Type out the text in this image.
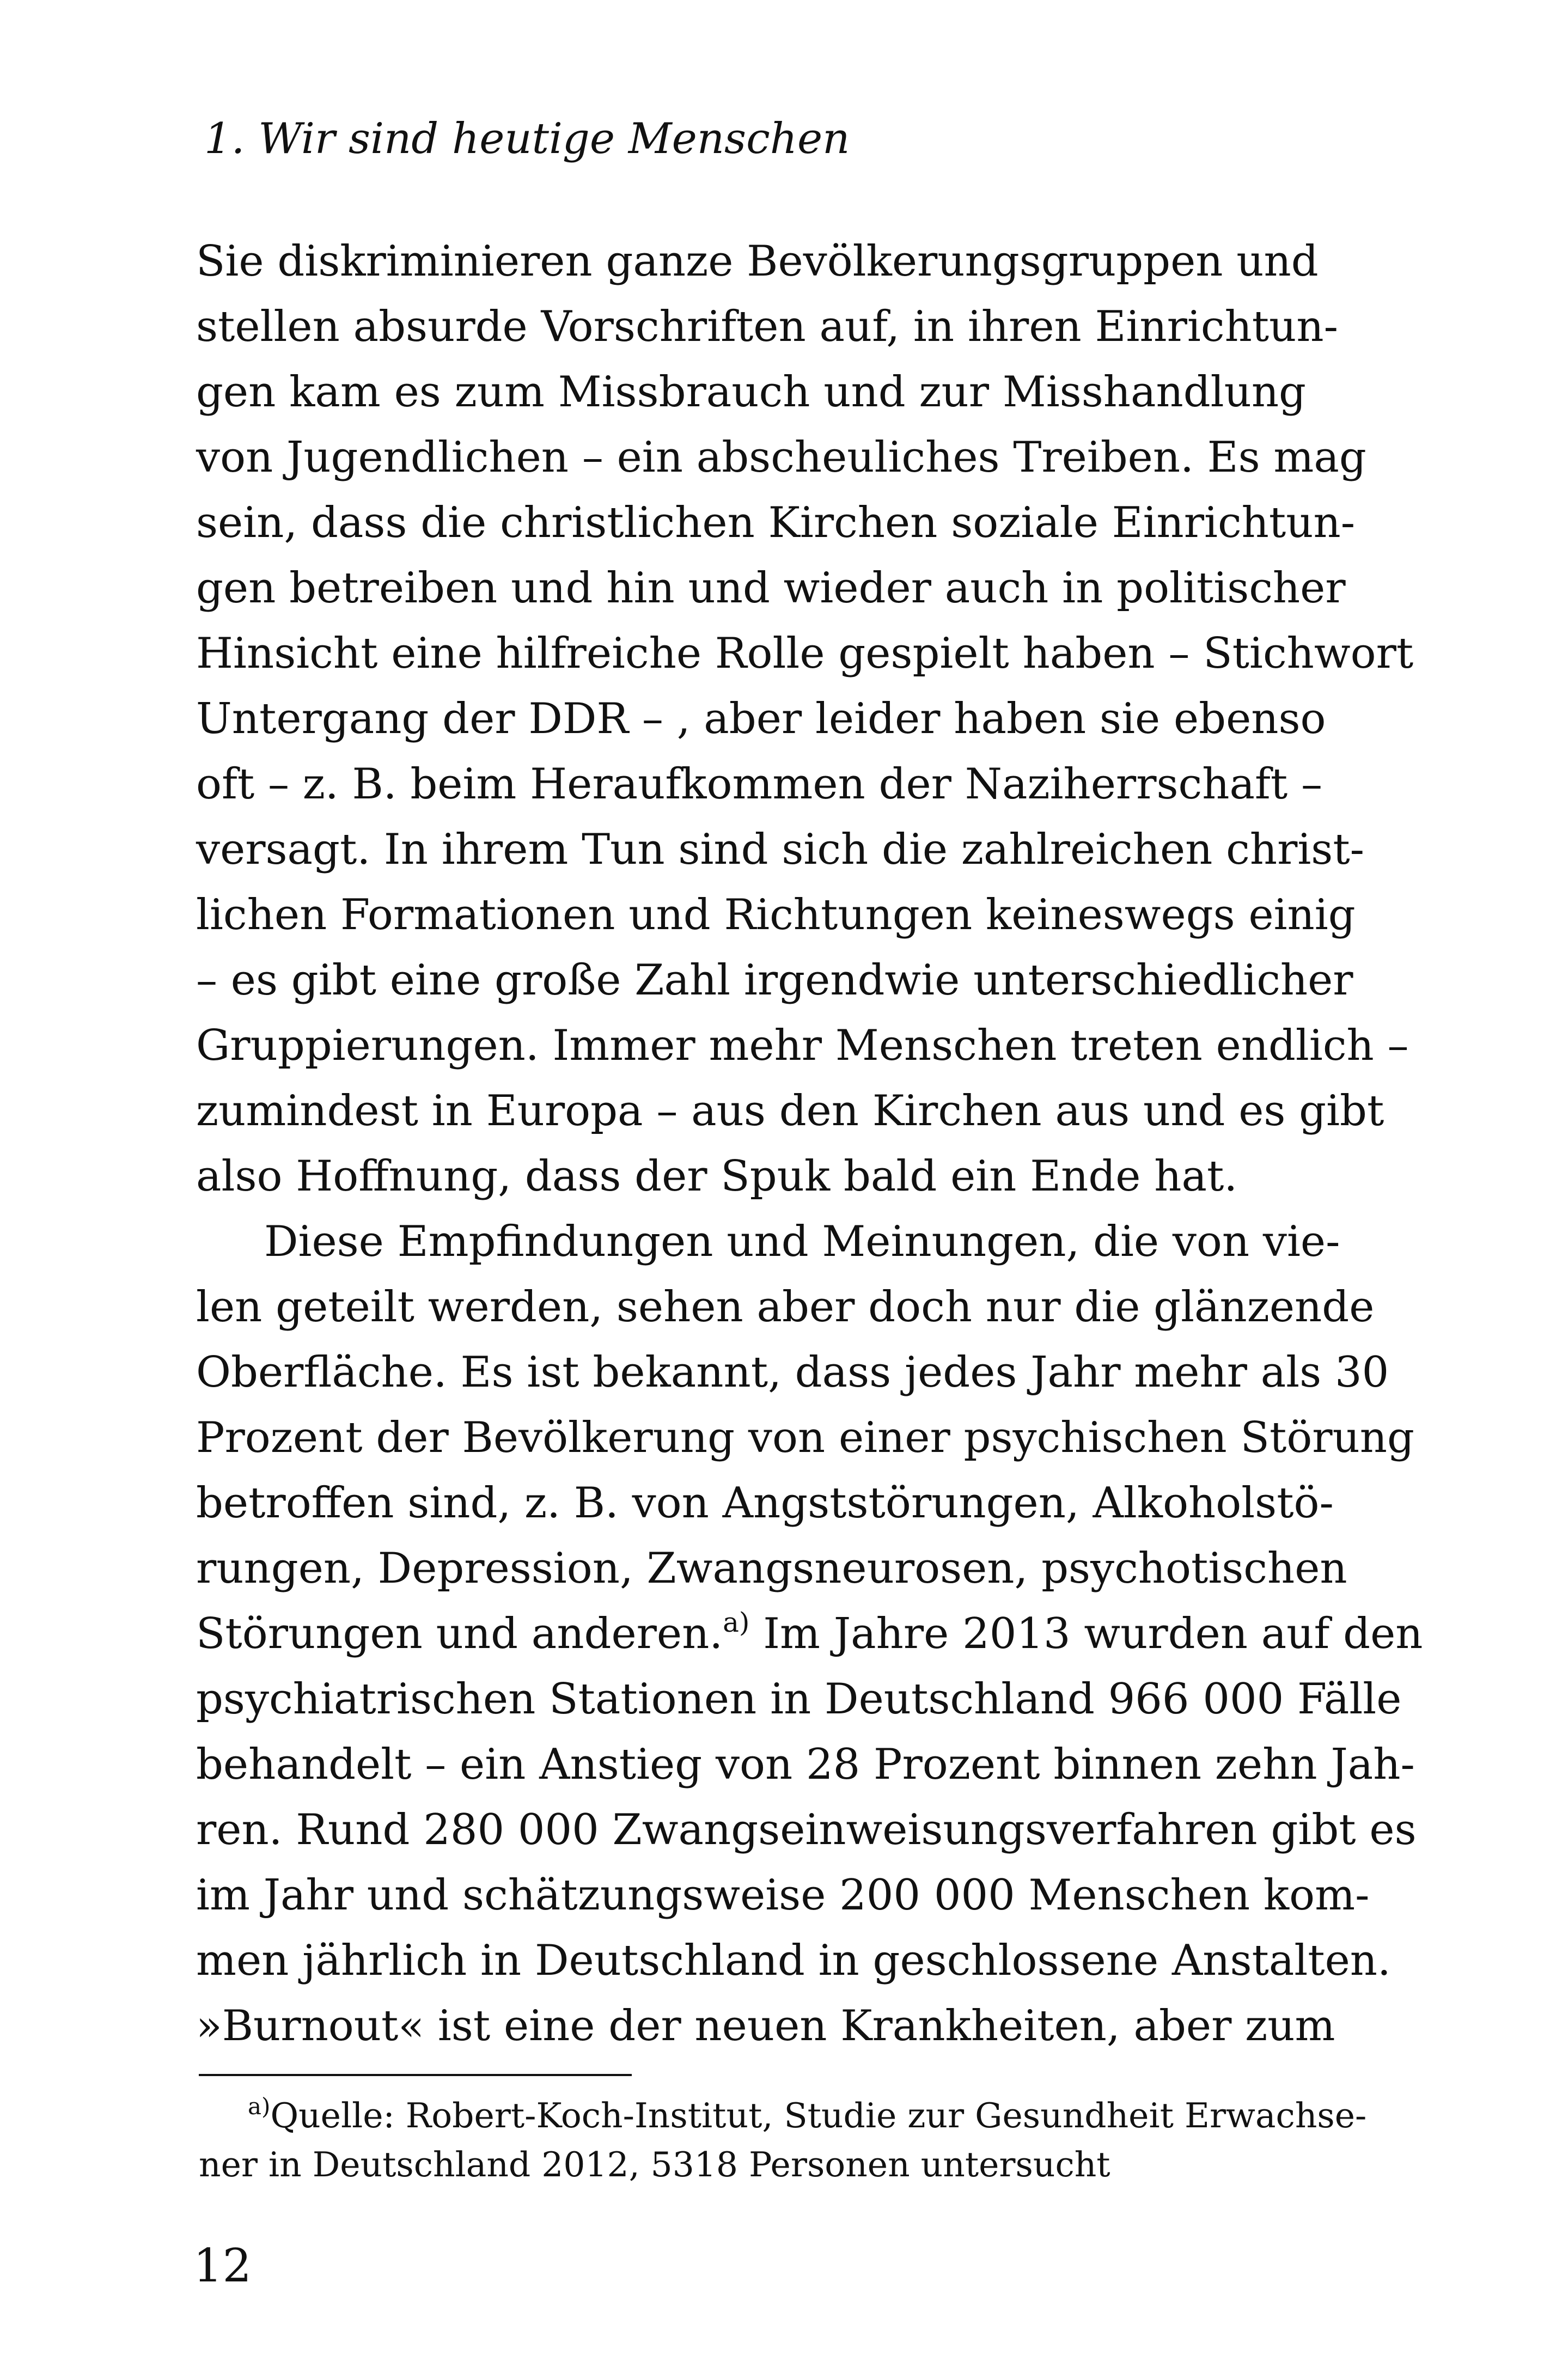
1. Wir sind heutige Menschen
Sie diskriminieren ganze Bevölkerungsgruppen und
stellen absurde Vorschriften auf, in ihren Einrichtun-
gen kam es zum Missbrauch und zur Misshandlung
von Jugendlichen – ein abscheuliches Treiben. Es mag
sein, dass die christlichen Kirchen soziale Einrichtun-
gen betreiben und hin und wieder auch in politischer
Hinsicht eine hilfreiche Rolle gespielt haben – Stichwort
Untergang der DDR – , aber leider haben sie ebenso
oft – z. B. beim Heraufkommen der Naziherrschaft –
versagt. In ihrem Tun sind sich die zahlreichen christ-
lichen Formationen und Richtungen keineswegs einig
– es gibt eine große Zahl irgendwie unterschiedlicher
Gruppierungen. Immer mehr Menschen treten endlich –
zumindest in Europa – aus den Kirchen aus und es gibt
also Hoffnung, dass der Spuk bald ein Ende hat.
Diese Empfindungen und Meinungen, die von vie-
len geteilt werden, sehen aber doch nur die glänzende
Oberfläche. Es ist bekannt, dass jedes Jahr mehr als 30
Prozent der Bevölkerung von einer psychischen Störung
betroffen sind, z. B. von Angststörungen, Alkoholstö-
rungen, Depression, Zwangsneurosen, psychotischen
Störungen und anderen.$^{a)}$ Im Jahre 2013 wurden auf den
psychiatrischen Stationen in Deutschland 966 000 Fälle
behandelt – ein Anstieg von 28 Prozent binnen zehn Jah-
ren. Rund 280 000 Zwangseinweisungsverfahren gibt es
im Jahr und schätzungsweise 200 000 Menschen kom-
men jährlich in Deutschland in geschlossene Anstalten.
»Burnout« ist eine der neuen Krankheiten, aber zum
$^{a)}$Quelle: Robert-Koch-Institut, Studie zur Gesundheit Erwachse-
ner in Deutschland 2012, 5318 Personen untersucht
12
